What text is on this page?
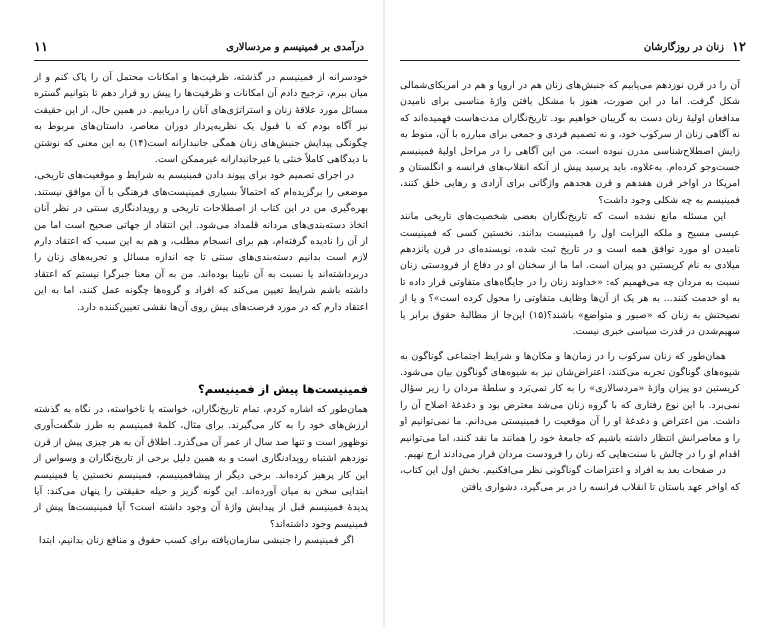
درآمدی بر فمینیسم و مردسالاری
۱۱

خودسرانه از فمینیسم در گذشته، ظرفیت‌ها و امکانات محتمل آن را پاک کنم و از میان ببرم، ترجیح دادم آن امکانات و ظرفیت‌ها را پیش رو قرار دهم تا بتوانیم گستره مسائل مورد علاقهٔ زنان و استراتژی‌های آنان را دریابیم. در همین حال، از این حقیقت نیز آگاه بودم که با قبول یک نظریه‌پرداز دوران معاصر، داستان‌های مربوط به چگونگی پیدایش جنبش‌های زنان همگی جانبدارانه است(۱۴) به این معنی که نوشتن با دیدگاهی کاملاً خنثی یا غیرجانبدارانه غیرممکن است.

در اجرای تصمیم خود برای پیوند دادن فمینیسم به شرایط و موقعیت‌های تاریخی، موضعی را برگزیده‌ام که احتمالاً بسیاری فمینیست‌های فرهنگی با آن موافق نیستند. بهره‌گیری من در این کتاب از اصطلاحات تاریخی و رویدادنگاری سنتی در نظر آنان اتخاذ دسته‌بندی‌های مردانه قلمداد می‌شود. این انتقاد از جهاتی صحیح است اما من از آن را نادیده گرفته‌ام، هم برای انسجام مطلب، و هم به این سبب که اعتقاد دارم لازم است بدانیم دسته‌بندی‌های سنتی تا چه اندازه مسائل و تجربه‌های زنان را دربرداشته‌اند یا نسبت به آن نابینا بوده‌اند. من به آن معنا جبرگرا نیستم که اعتقاد داشته باشم شرایط تعیین می‌کند که افراد و گروه‌ها چگونه عمل کنند، اما به این اعتقاد دارم که در مورد فرصت‌های پیش روی آن‌ها نقشی تعیین‌کننده دارد.

فمینیست‌ها پیش از فمینیسم؟

همان‌طور که اشاره کردم، تمام تاریخ‌نگاران، خواسته یا ناخواسته، در نگاه به گذشته ارزش‌های خود را به کار می‌گیرند. برای مثال، کلمهٔ فمینیسم به طرز شگفت‌آوری نوظهور است و تنها صد سال از عمر آن می‌گذرد. اطلاق آن به هر چیزی پیش از قرن نوزدهم اشتباه رویدادنگاری است و به همین دلیل برخی از تاریخ‌نگاران و وسواس از این کار پرهیز کرده‌اند. برخی دیگر از پیشافمینیسم، فمینیسم نخستین یا فمینیسم ابتدایی سخن به میان آورده‌اند. این گونه گریز و حیله حقیقتی را پنهان می‌کند: آیا پدیدهٔ فمینیسم قبل از پیدایش واژهٔ آن وجود داشته است؟ آیا فمینیست‌ها پیش از فمینیسم وجود داشته‌اند؟

اگر فمینیسم را جنبشی سازمان‌یافته برای کسب حقوق و منافع زنان بدانیم، ابتدا

۱۲
زنان در روزگارشان

آن را در قرن نوزدهم می‌یابیم که جنبش‌های زنان هم در اروپا و هم در امریکای‌شمالی شکل گرفت. اما در این صورت، هنوز با مشکل یافتن واژهٔ مناسبی برای نامیدن مدافعان اولیهٔ زنان دست به گریبان خواهیم بود. تاریخ‌نگاران مدت‌هاست فهمیده‌اند که نه آگاهی زنان از سرکوب خود، و نه تصمیم فردی و جمعی برای مبارزه با آن، منوط به زایش اصطلاح‌شناسی مدرن نبوده است. من این آگاهی را در مراحل اولیهٔ فمینیسم جست‌وجو کرده‌ام. به‌علاوه، باید پرسید پیش از آنکه انقلاب‌های فرانسه و انگلستان و امریکا در اواخر قرن هفدهم و قرن هجدهم واژگانی برای آزادی و رهایی خلق کنند، فمینیسم به چه شکلی وجود داشت؟

این مسئله مانع نشده است که تاریخ‌نگاران بعضی شخصیت‌های تاریخی مانند عیسی مسیح و ملکه الیزابت اول را فمینیست بدانند. نخستین کسی که فمینیست نامیدن او مورد توافق همه است و در تاریخ ثبت شده، نویسنده‌ای در قرن پانزدهم میلادی به نام کریستین دو پیزان است. اما ما از سخنان او در دفاع از فرودستی زنان نسبت به مردان چه می‌فهمیم که: «خداوند زنان را در جایگاه‌های متفاوتی قرار داده تا به او خدمت کنند... به هر یک از آن‌ها وظایف متفاوتی را محول کرده است»؟ و یا از نصیحتش به زنان که «صبور و متواضع» باشند؟(۱۵) این‌جا از مطالبهٔ حقوق برابر یا سهیم‌شدن در قدرت سیاسی خبری نیست.

همان‌طور که زنان سرکوب را در زمان‌ها و مکان‌ها و شرایط اجتماعی گوناگون به شیوه‌های گوناگون تجربه می‌کنند، اعتراض‌شان نیز به شیوه‌های گوناگون بیان می‌شود. کریستین دو پیزان واژهٔ «مردسالاری» را به کار نمی‌بَرد و سلطهٔ مردان را زیر سؤال نمی‌برد. با این نوع رفتاری که با گروه زنان می‌شد معترض بود و دغدغهٔ اصلاح آن را داشت. من اعتراض و دغدغهٔ او را آن موقعیت را فمینیستی می‌دانم. ما نمی‌توانیم او را و معاصرانش انتظار داشته باشیم که جامعهٔ خود را همانند ما نقد کنند، اما می‌توانیم اقدام او را در چالش با سنت‌هایی که زنان را فرودست مردان قرار می‌دادند ارج نهیم.

در صفحات بعد به افراد و اعتراضات گوناگونی نظر می‌افکنیم. بخش اول این کتاب، که اواخر عهد باستان تا انقلاب فرانسه را در بر می‌گیرد، دشواری یافتن
